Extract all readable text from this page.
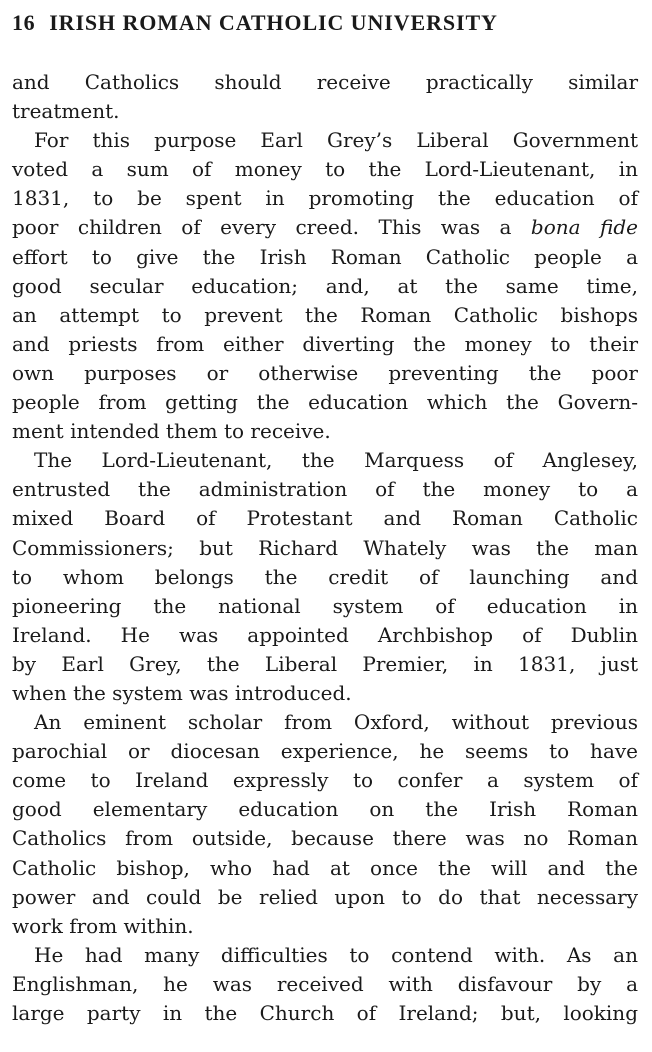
16 IRISH ROMAN CATHOLIC UNIVERSITY
and Catholics should receive practically similar
treatment.
For this purpose Earl Grey’s Liberal Government
voted a sum of money to the Lord-Lieutenant, in
1831, to be spent in promoting the education of
poor children of every creed. This was a bona fide
effort to give the Irish Roman Catholic people a
good secular education; and, at the same time,
an attempt to prevent the Roman Catholic bishops
and priests from either diverting the money to their
own purposes or otherwise preventing the poor
people from getting the education which the Govern-
ment intended them to receive.
The Lord-Lieutenant, the Marquess of Anglesey,
entrusted the administration of the money to a
mixed Board of Protestant and Roman Catholic
Commissioners; but Richard Whately was the man
to whom belongs the credit of launching and
pioneering the national system of education in
Ireland. He was appointed Archbishop of Dublin
by Earl Grey, the Liberal Premier, in 1831, just
when the system was introduced.
An eminent scholar from Oxford, without previous
parochial or diocesan experience, he seems to have
come to Ireland expressly to confer a system of
good elementary education on the Irish Roman
Catholics from outside, because there was no Roman
Catholic bishop, who had at once the will and the
power and could be relied upon to do that necessary
work from within.
He had many difficulties to contend with. As an
Englishman, he was received with disfavour by a
large party in the Church of Ireland; but, looking
